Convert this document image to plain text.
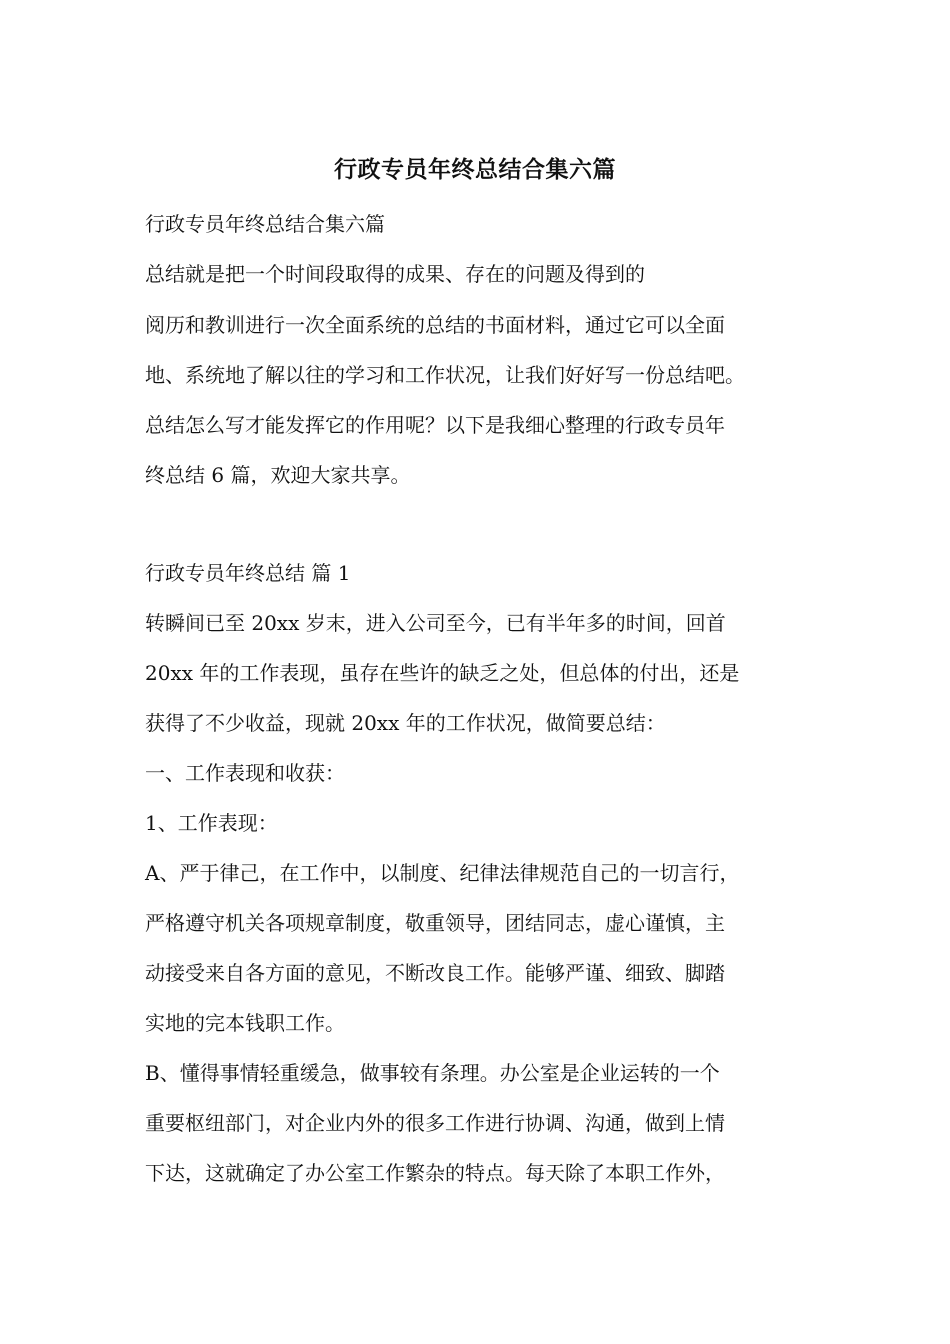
行政专员年终总结合集六篇
行政专员年终总结合集六篇
总结就是把一个时间段取得的成果、存在的问题及得到的
阅历和教训进行一次全面系统的总结的书面材料，通过它可以全面
地、系统地了解以往的学习和工作状况，让我们好好写一份总结吧。
总结怎么写才能发挥它的作用呢？以下是我细心整理的行政专员年
终总结 6 篇，欢迎大家共享。
行政专员年终总结 篇 1
转瞬间已至 20xx 岁末，进入公司至今，已有半年多的时间，回首
20xx 年的工作表现，虽存在些许的缺乏之处，但总体的付出，还是
获得了不少收益，现就 20xx 年的工作状况，做简要总结：
一、工作表现和收获：
1、工作表现：
A、严于律己，在工作中，以制度、纪律法律规范自己的一切言行，
严格遵守机关各项规章制度，敬重领导，团结同志，虚心谨慎，主
动接受来自各方面的意见，不断改良工作。能够严谨、细致、脚踏
实地的完本钱职工作。
B、懂得事情轻重缓急，做事较有条理。办公室是企业运转的一个
重要枢纽部门，对企业内外的很多工作进行协调、沟通，做到上情
下达，这就确定了办公室工作繁杂的特点。每天除了本职工作外，
